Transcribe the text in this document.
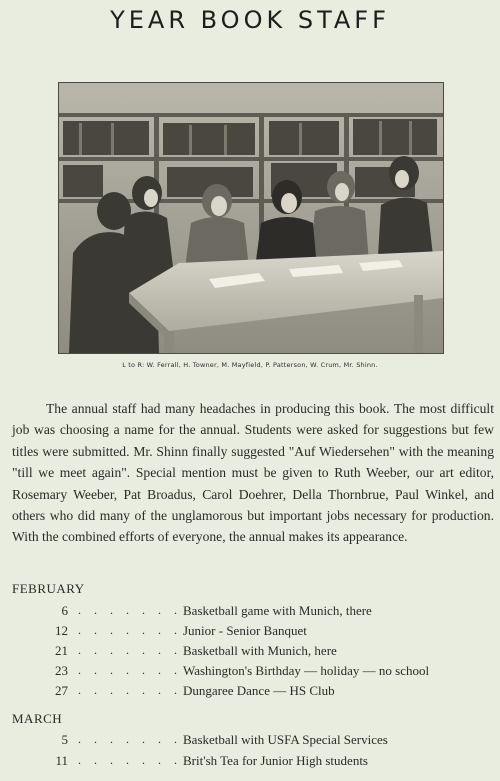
YEAR BOOK STAFF
L to R: W. Ferrall, H. Towner, M. Mayfield, P. Patterson, W. Crum, Mr. Shinn.

The annual staff had many headaches in producing this book. The most difficult job was choosing a name for the annual. Students were asked for suggestions but few titles were submitted. Mr. Shinn finally suggested "Auf Wiedersehen" with the meaning "till we meet again". Special mention must be given to Ruth Weeber, our art editor, Rosemary Weeber, Pat Broadus, Carol Doehrer, Della Thornbrue, Paul Winkel, and others who did many of the unglamorous but important jobs necessary for production. With the combined efforts of everyone, the annual makes its appearance.

FEBRUARY
6 . . . . . . . Basketball game with Munich, there
12 . . . . . . . Junior - Senior Banquet
21 . . . . . . . Basketball with Munich, here
23 . . . . . . . Washington's Birthday — holiday — no school
27 . . . . . . . Dungaree Dance — HS Club
MARCH
5 . . . . . . . Basketball with USFA Special Services
11 . . . . . . . Brit'sh Tea for Junior High students
